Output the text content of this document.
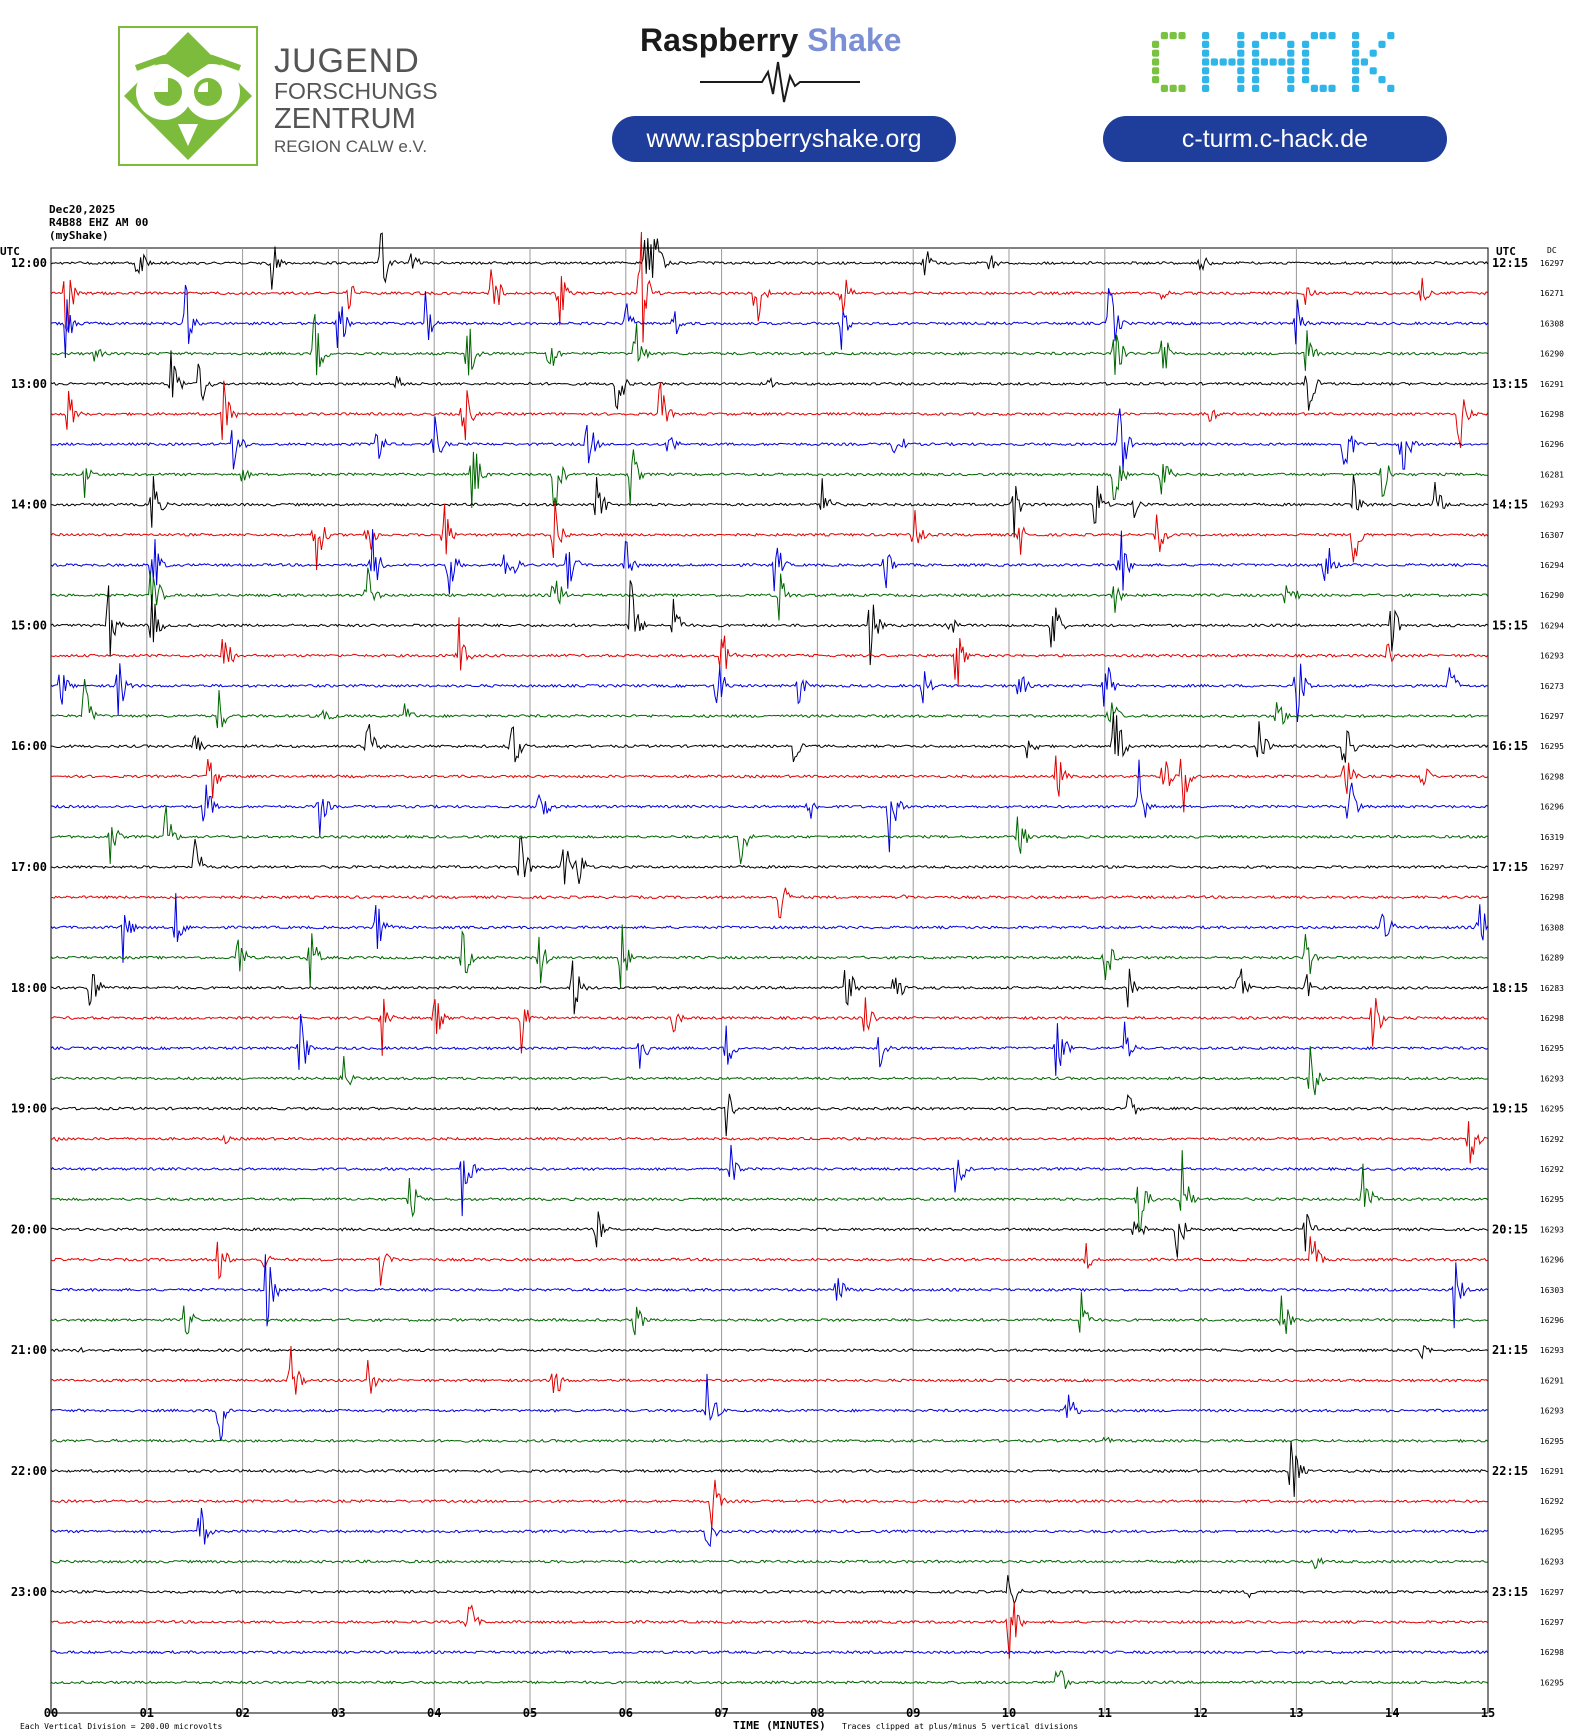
JUGEND
FORSCHUNGS
ZENTRUM
REGION CALW e.V.
Raspberry Shake
www.raspberryshake.org	c-turm.c-hack.de
Dec20,2025
R4B88 EHZ AM 00
(myShake)
UTC	UTC	DC
12:00
13:00
14:00
15:00
16:00
17:00
18:00
19:00
20:00
21:00
22:00
23:00
12:15
13:15
14:15
15:15
16:15
17:15
18:15
19:15
20:15
21:15
22:15
23:15
16297
16271
16308
16290
16291
16298
16296
16281
16293
16307
16294
16290
16294
16293
16273
16297
16295
16298
16296
16319
16297
16298
16308
16289
16283
16298
16295
16293
16295
16292
16292
16295
16293
16296
16303
16296
16293
16291
16293
16295
16291
16292
16295
16293
16297
16297
16298
16295
00	01	02	03	04	05	06	07	08	09	10	11	12	13	14	15
TIME (MINUTES)
Each Vertical Division = 200.00 microvolts	Traces clipped at plus/minus 5 vertical divisions
